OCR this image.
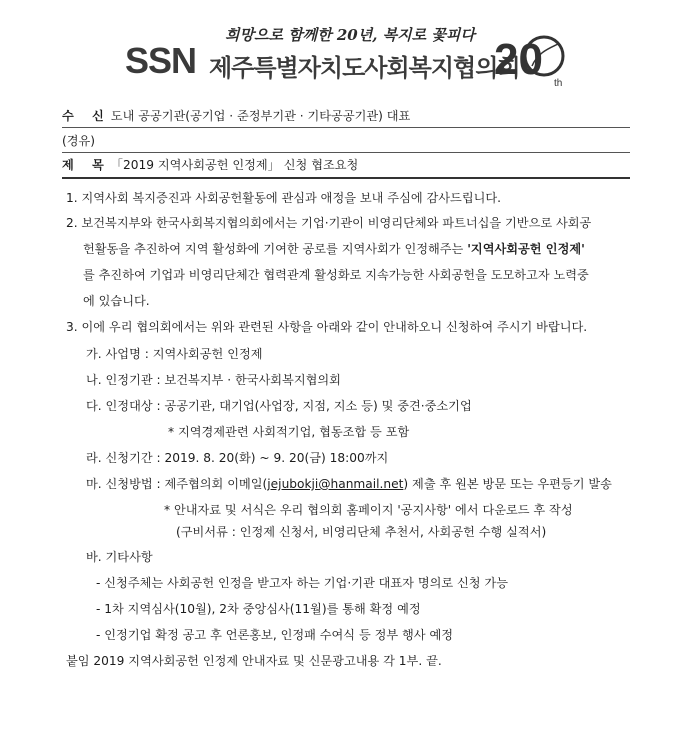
희망으로 함께한 20년, 복지로 꽃피다
SSN 제주특별자치도사회복지협의회
20 th
수 신도내 공공기관(공기업 · 준정부기관 · 기타공공기관) 대표
(경유)
제 목「2019 지역사회공헌 인정제」 신청 협조요청
1. 지역사회 복지증진과 사회공헌활동에 관심과 애정을 보내 주심에 감사드립니다.
2. 보건복지부와 한국사회복지협의회에서는 기업·기관이 비영리단체와 파트너십을 기반으로 사회공
헌활동을 추진하여 지역 활성화에 기여한 공로를 지역사회가 인정해주는 '지역사회공헌 인정제'
를 추진하여 기업과 비영리단체간 협력관계 활성화로 지속가능한 사회공헌을 도모하고자 노력중
에 있습니다.
3. 이에 우리 협의회에서는 위와 관련된 사항을 아래와 같이 안내하오니 신청하여 주시기 바랍니다.
가. 사업명 : 지역사회공헌 인정제
나. 인정기관 : 보건복지부 · 한국사회복지협의회
다. 인정대상 : 공공기관, 대기업(사업장, 지점, 지소 등) 및 중견·중소기업
* 지역경제관련 사회적기업, 협동조합 등 포함
라. 신청기간 : 2019. 8. 20(화) ~ 9. 20(금) 18:00까지
마. 신청방법 : 제주협의회 이메일(jejubokji@hanmail.net) 제출 후 원본 방문 또는 우편등기 발송
* 안내자료 및 서식은 우리 협의회 홈페이지 '공지사항' 에서 다운로드 후 작성
(구비서류 : 인정제 신청서, 비영리단체 추천서, 사회공헌 수행 실적서)
바. 기타사항
- 신청주체는 사회공헌 인정을 받고자 하는 기업·기관 대표자 명의로 신청 가능
- 1차 지역심사(10월), 2차 중앙심사(11월)를 통해 확정 예정
- 인정기업 확정 공고 후 언론홍보, 인정패 수여식 등 정부 행사 예정
붙임 2019 지역사회공헌 인정제 안내자료 및 신문광고내용 각 1부. 끝.
